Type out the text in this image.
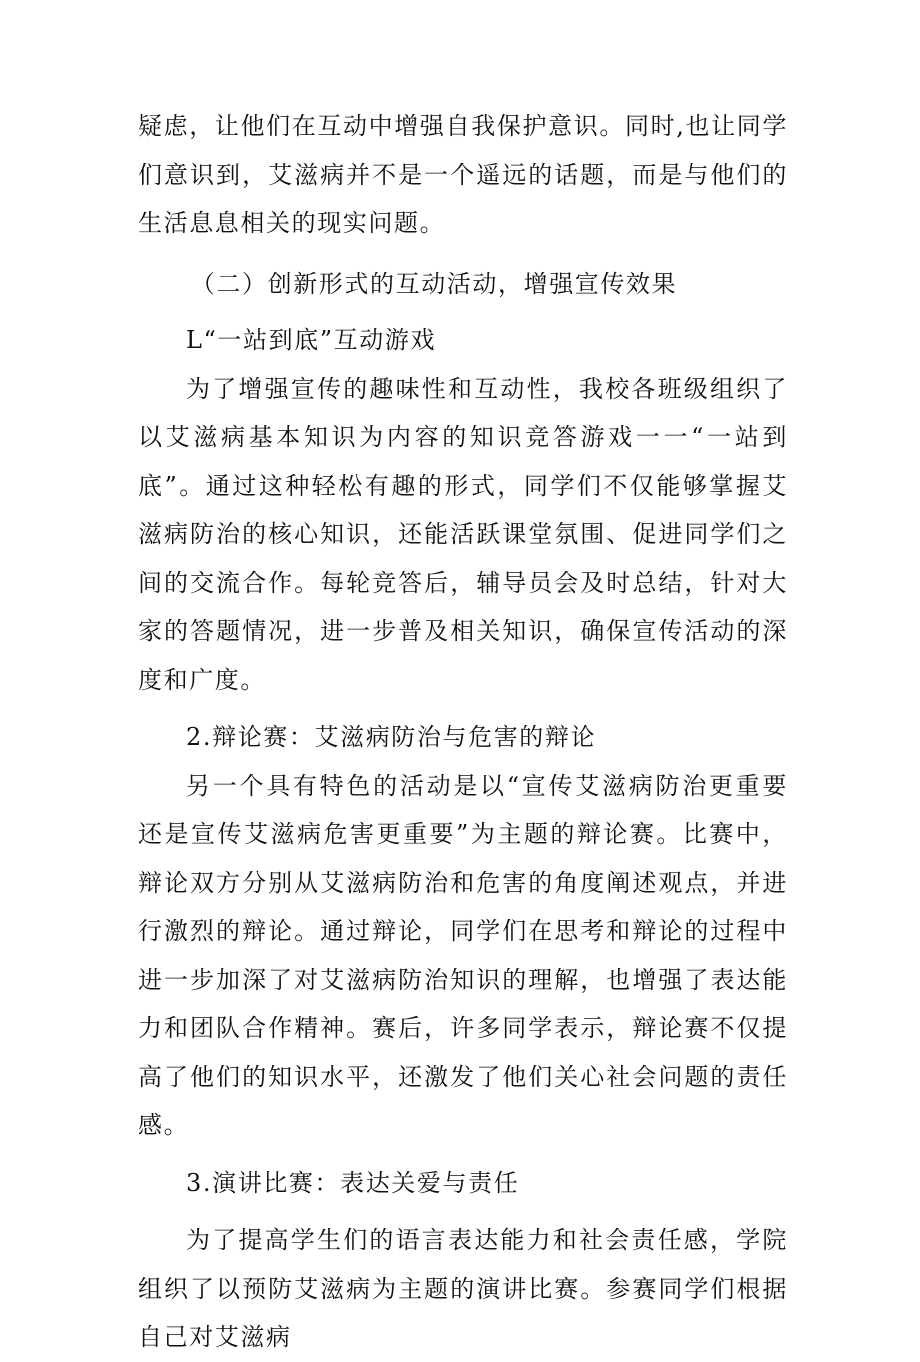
疑虑，让他们在互动中增强自我保护意识。同时,也让同学们意识到，艾滋病并不是一个遥远的话题，而是与他们的生活息息相关的现实问题。

（二）创新形式的互动活动，增强宣传效果

L“一站到底”互动游戏

为了增强宣传的趣味性和互动性，我校各班级组织了以艾滋病基本知识为内容的知识竞答游戏一一“一站到底”。通过这种轻松有趣的形式，同学们不仅能够掌握艾滋病防治的核心知识，还能活跃课堂氛围、促进同学们之间的交流合作。每轮竞答后，辅导员会及时总结，针对大家的答题情况，进一步普及相关知识，确保宣传活动的深度和广度。

2.辩论赛：艾滋病防治与危害的辩论

另一个具有特色的活动是以“宣传艾滋病防治更重要还是宣传艾滋病危害更重要”为主题的辩论赛。比赛中，辩论双方分别从艾滋病防治和危害的角度阐述观点，并进行激烈的辩论。通过辩论，同学们在思考和辩论的过程中进一步加深了对艾滋病防治知识的理解，也增强了表达能力和团队合作精神。赛后，许多同学表示，辩论赛不仅提高了他们的知识水平，还激发了他们关心社会问题的责任感。

3.演讲比赛：表达关爱与责任

为了提高学生们的语言表达能力和社会责任感，学院组织了以预防艾滋病为主题的演讲比赛。参赛同学们根据自己对艾滋病
